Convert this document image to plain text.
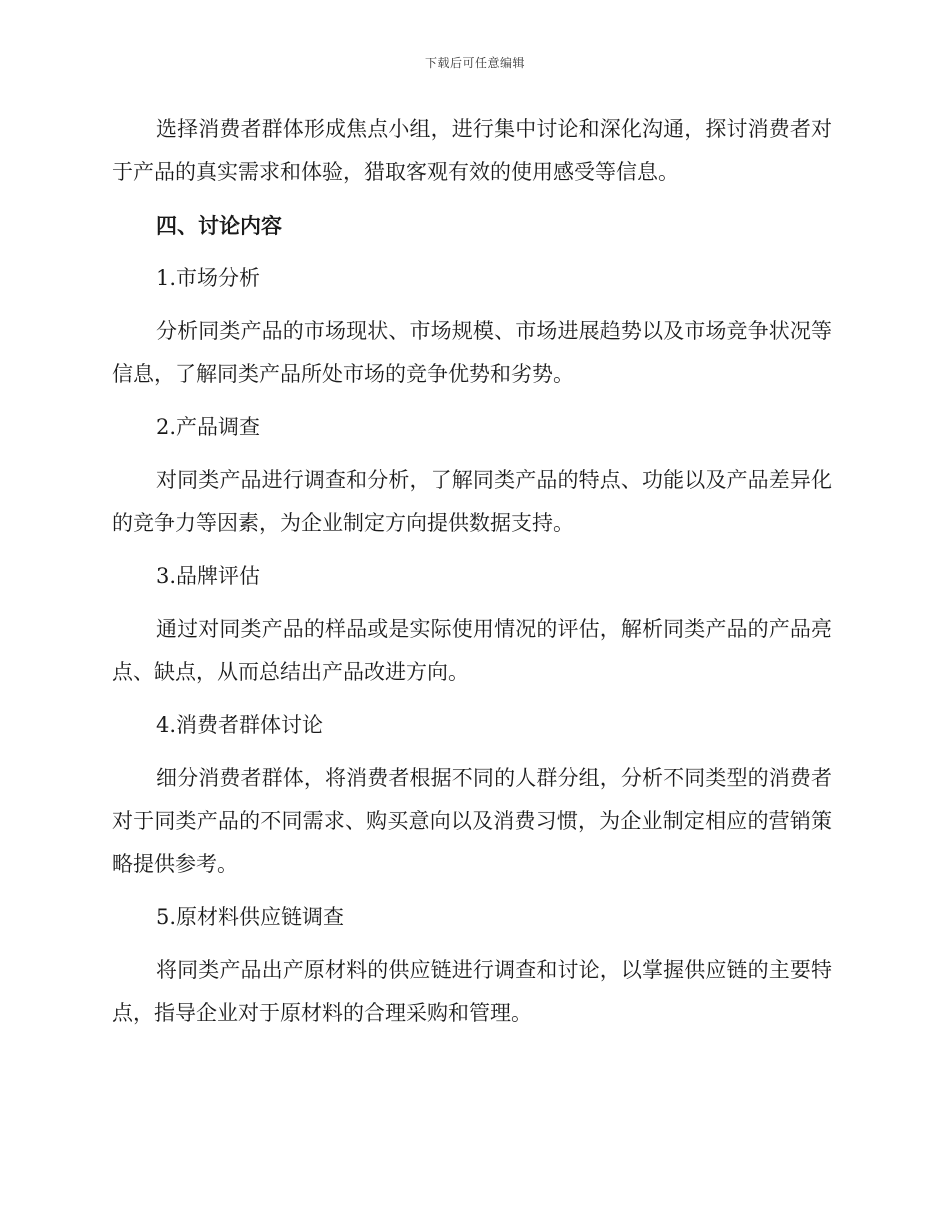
下载后可任意编辑

选择消费者群体形成焦点小组，进行集中讨论和深化沟通，探讨消费者对于产品的真实需求和体验，猎取客观有效的使用感受等信息。

四、讨论内容

1.市场分析

分析同类产品的市场现状、市场规模、市场进展趋势以及市场竞争状况等信息，了解同类产品所处市场的竞争优势和劣势。

2.产品调查

对同类产品进行调查和分析，了解同类产品的特点、功能以及产品差异化的竞争力等因素，为企业制定方向提供数据支持。

3.品牌评估

通过对同类产品的样品或是实际使用情况的评估，解析同类产品的产品亮点、缺点，从而总结出产品改进方向。

4.消费者群体讨论

细分消费者群体，将消费者根据不同的人群分组，分析不同类型的消费者对于同类产品的不同需求、购买意向以及消费习惯，为企业制定相应的营销策略提供参考。

5.原材料供应链调查

将同类产品出产原材料的供应链进行调查和讨论，以掌握供应链的主要特点，指导企业对于原材料的合理采购和管理。
